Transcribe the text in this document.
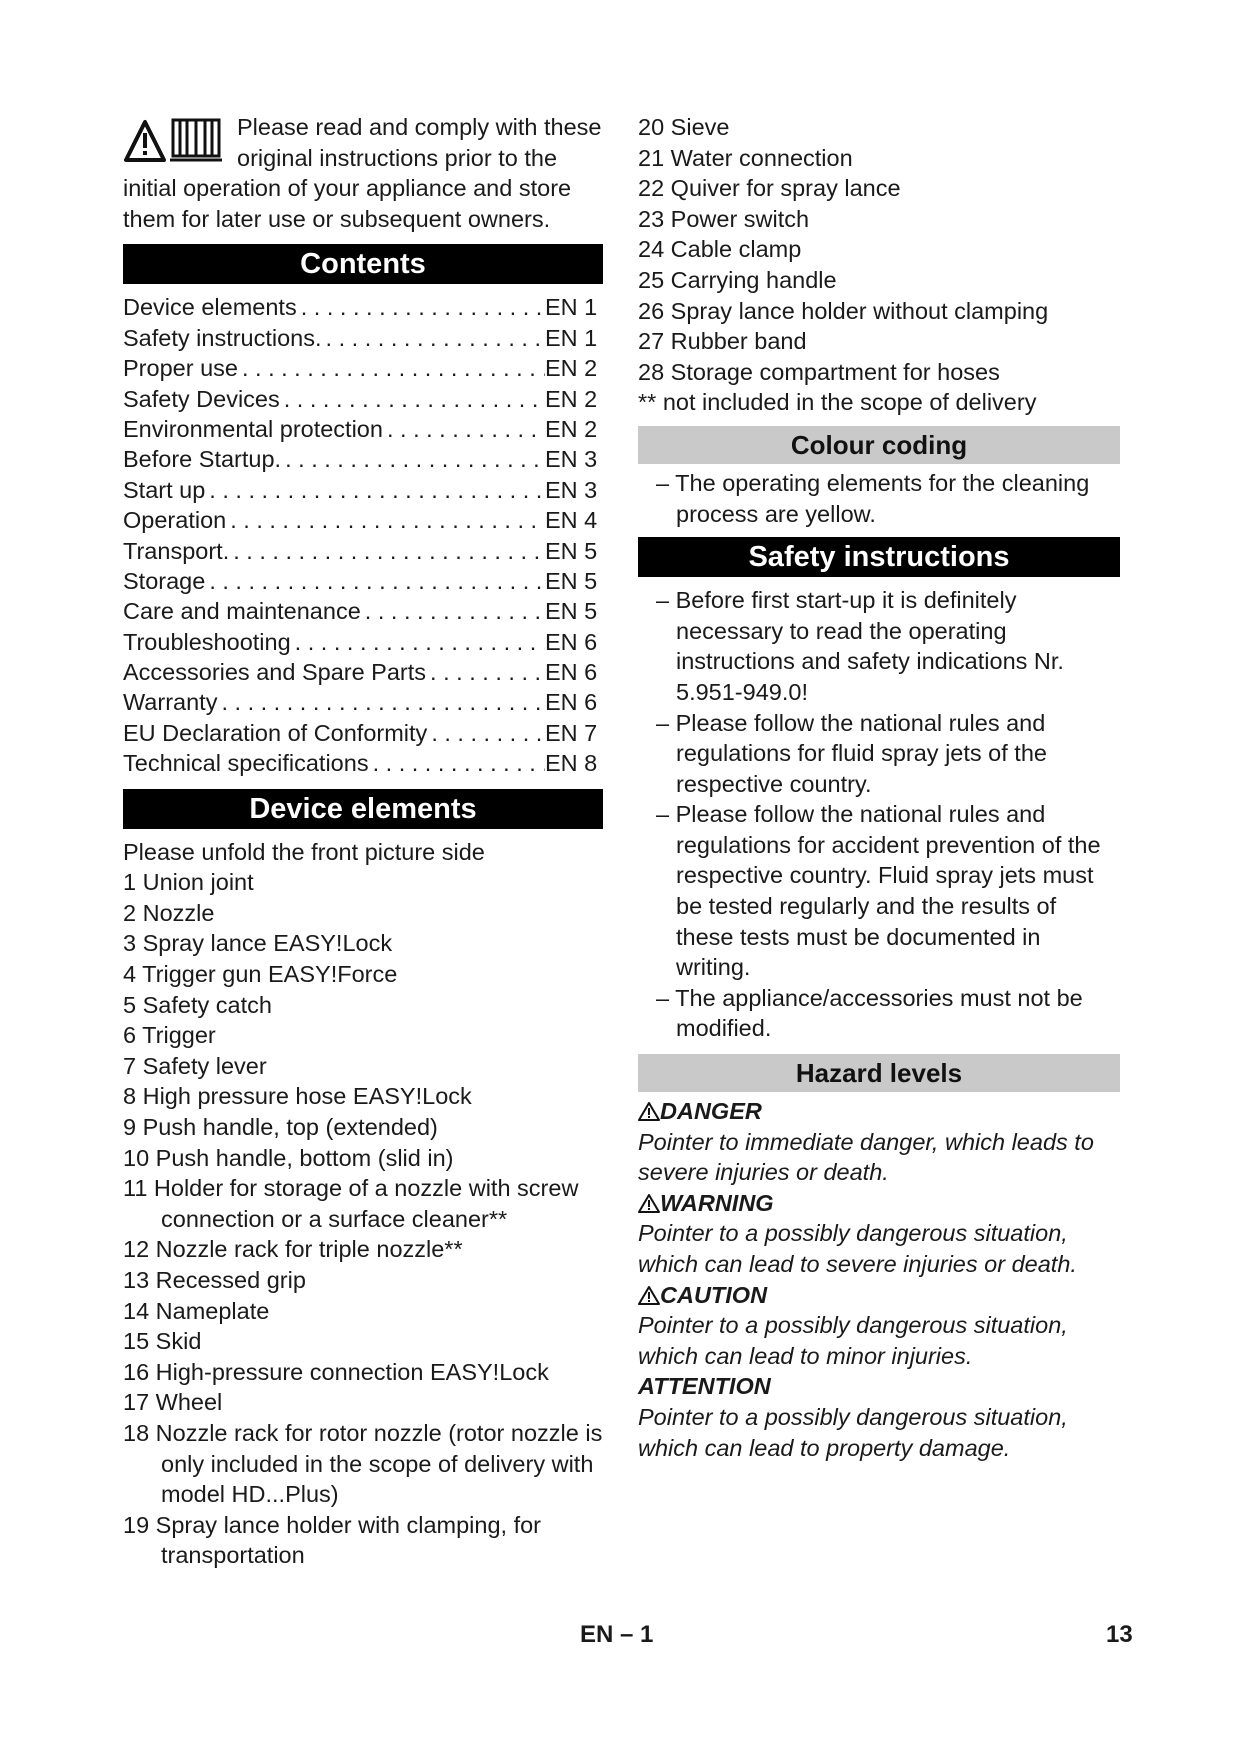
Please read and comply with these original instructions prior to the initial operation of your appliance and store them for later use or subsequent owners.

Contents
Device elements . . .	EN 1
Safety instructions. . . .	EN 1
Proper use . . .	EN 2
Safety Devices . . .	EN 2
Environmental protection . . .	EN 2
Before Startup. . . .	EN 3
Start up . . .	EN 3
Operation . . .	EN 4
Transport. . . .	EN 5
Storage . . .	EN 5
Care and maintenance . . .	EN 5
Troubleshooting . . .	EN 6
Accessories and Spare Parts . . .	EN 6
Warranty . . .	EN 6
EU Declaration of Conformity . . .	EN 7
Technical specifications . . .	EN 8
Device elements

Please unfold the front picture side

1 Union joint
2 Nozzle
3 Spray lance EASY!Lock
4 Trigger gun EASY!Force
5 Safety catch
6 Trigger
7 Safety lever
8 High pressure hose EASY!Lock
9 Push handle, top (extended)
10 Push handle, bottom (slid in)
11 Holder for storage of a nozzle with screw connection or a surface cleaner**
12 Nozzle rack for triple nozzle**
13 Recessed grip
14 Nameplate
15 Skid
16 High-pressure connection EASY!Lock
17 Wheel
18 Nozzle rack for rotor nozzle (rotor nozzle is only included in the scope of delivery with model HD...Plus)
19 Spray lance holder with clamping, for transportation
20 Sieve
21 Water connection
22 Quiver for spray lance
23 Power switch
24 Cable clamp
25 Carrying handle
26 Spray lance holder without clamping
27 Rubber band
28 Storage compartment for hoses
** not included in the scope of delivery
Colour coding
– The operating elements for the cleaning process are yellow.
Safety instructions
– Before first start-up it is definitely necessary to read the operating instructions and safety indications Nr. 5.951-949.0!
– Please follow the national rules and regulations for fluid spray jets of the respective country.
– Please follow the national rules and regulations for accident prevention of the respective country. Fluid spray jets must be tested regularly and the results of these tests must be documented in writing.
– The appliance/accessories must not be modified.
Hazard levels
DANGER
Pointer to immediate danger, which leads to severe injuries or death.
WARNING
Pointer to a possibly dangerous situation, which can lead to severe injuries or death.
CAUTION
Pointer to a possibly dangerous situation, which can lead to minor injuries.
ATTENTION
Pointer to a possibly dangerous situation, which can lead to property damage.
EN – 1	13
